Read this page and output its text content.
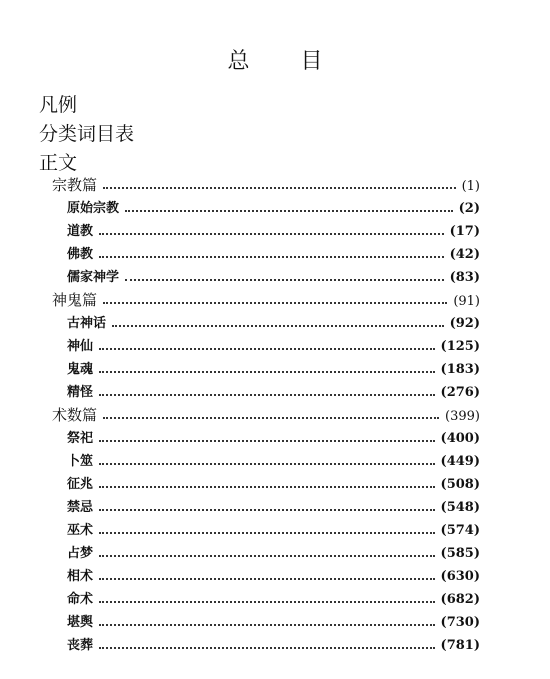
总 目
凡例
分类词目表
正文
宗教篇	(1)
原始宗教	(2)
道教	(17)
佛教	(42)
儒家神学	(83)
神鬼篇	(91)
古神话	(92)
神仙	(125)
鬼魂	(183)
精怪	(276)
术数篇	(399)
祭祀	(400)
卜筮	(449)
征兆	(508)
禁忌	(548)
巫术	(574)
占梦	(585)
相术	(630)
命术	(682)
堪舆	(730)
丧葬	(781)
